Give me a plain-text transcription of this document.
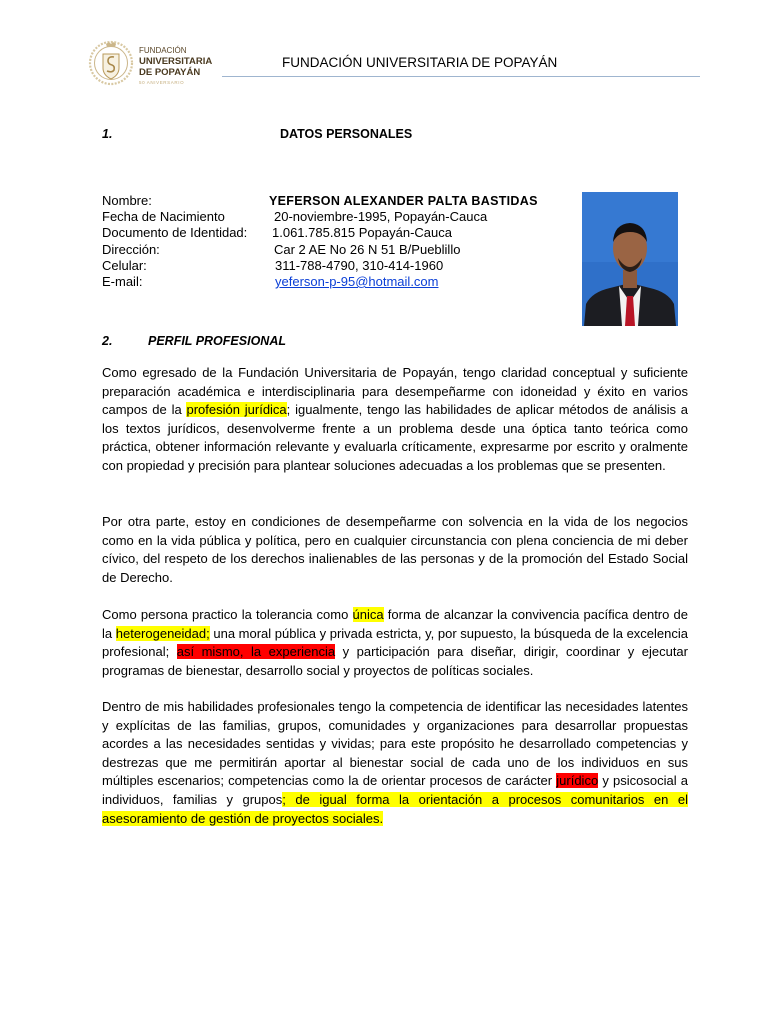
FUNDACIÓN
UNIVERSITARIA
DE POPAYÁN
50 ANIVERSARIO
FUNDACIÓN UNIVERSITARIA DE POPAYÁN
1.	DATOS PERSONALES
Nombre:	YEFERSON ALEXANDER PALTA BASTIDAS
Fecha de Nacimiento	20-noviembre-1995, Popayán-Cauca
Documento de Identidad: 1.061.785.815 Popayán-Cauca
Dirección:	Car 2 AE No 26 N 51 B/Pueblillo
Celular:	311-788-4790, 310-414-1960
E-mail:	yeferson-p-95@hotmail.com
2.	PERFIL PROFESIONAL

Como egresado de la Fundación Universitaria de Popayán, tengo claridad conceptual y suficiente preparación académica e interdisciplinaria para desempeñarme con idoneidad y éxito en varios campos de la profesión jurídica; igualmente, tengo las habilidades de aplicar métodos de análisis a los textos jurídicos, desenvolverme frente a un problema desde una óptica tanto teórica como práctica, obtener información relevante y evaluarla críticamente, expresarme por escrito y oralmente con propiedad y precisión para plantear soluciones adecuadas a los problemas que se presenten.

Por otra parte, estoy en condiciones de desempeñarme con solvencia en la vida de los negocios como en la vida pública y política, pero en cualquier circunstancia con plena conciencia de mi deber cívico, del respeto de los derechos inalienables de las personas y de la promoción del Estado Social de Derecho.

Como persona practico la tolerancia como única forma de alcanzar la convivencia pacífica dentro de la heterogeneidad; una moral pública y privada estricta, y, por supuesto, la búsqueda de la excelencia profesional; así mismo, la experiencia y participación para diseñar, dirigir, coordinar y ejecutar programas de bienestar, desarrollo social y proyectos de políticas sociales.

Dentro de mis habilidades profesionales tengo la competencia de identificar las necesidades latentes y explícitas de las familias, grupos, comunidades y organizaciones para desarrollar propuestas acordes a las necesidades sentidas y vividas; para este propósito he desarrollado competencias y destrezas que me permitirán aportar al bienestar social de cada uno de los individuos en sus múltiples escenarios; competencias como la de orientar procesos de carácter jurídico y psicosocial a individuos, familias y grupos; de igual forma la orientación a procesos comunitarios en el asesoramiento de gestión de proyectos sociales.
